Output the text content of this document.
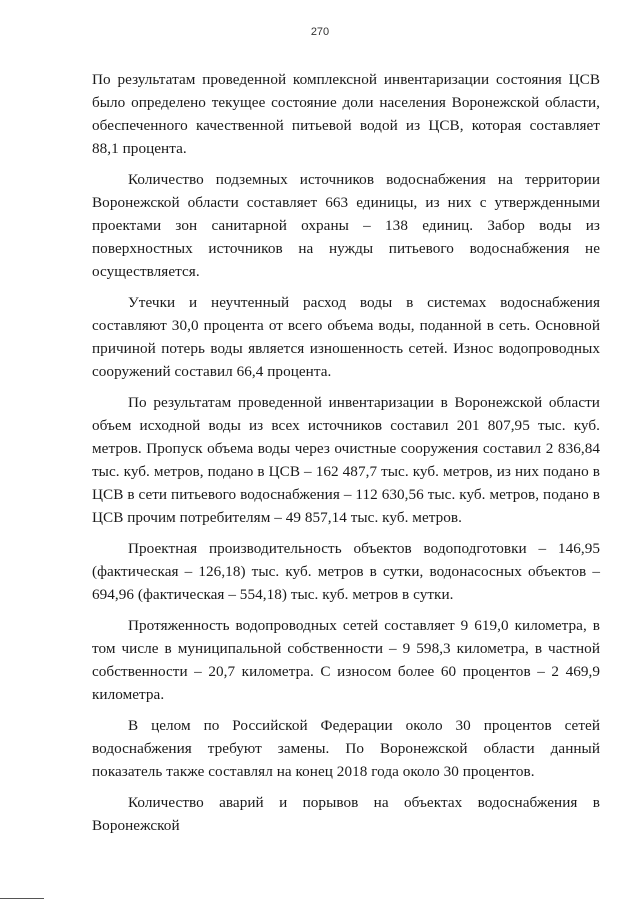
270

По результатам проведенной комплексной инвентаризации состояния ЦСВ было определено текущее состояние доли населения Воронежской области, обеспеченного качественной питьевой водой из ЦСВ, которая составляет 88,1 процента.

Количество подземных источников водоснабжения на территории Воронежской области составляет 663 единицы, из них с утвержденными проектами зон санитарной охраны – 138 единиц. Забор воды из поверхностных источников на нужды питьевого водоснабжения не осуществляется.

Утечки и неучтенный расход воды в системах водоснабжения составляют 30,0 процента от всего объема воды, поданной в сеть. Основной причиной потерь воды является изношенность сетей. Износ водопроводных сооружений составил 66,4 процента.

По результатам проведенной инвентаризации в Воронежской области объем исходной воды из всех источников составил 201 807,95 тыс. куб. метров. Пропуск объема воды через очистные сооружения составил 2 836,84 тыс. куб. метров, подано в ЦСВ – 162 487,7 тыс. куб. метров, из них подано в ЦСВ в сети питьевого водоснабжения – 112 630,56 тыс. куб. метров, подано в ЦСВ прочим потребителям – 49 857,14 тыс. куб. метров.

Проектная производительность объектов водоподготовки – 146,95 (фактическая – 126,18) тыс. куб. метров в сутки, водонасосных объектов – 694,96 (фактическая – 554,18) тыс. куб. метров в сутки.

Протяженность водопроводных сетей составляет 9 619,0 километра, в том числе в муниципальной собственности – 9 598,3 километра, в частной собственности – 20,7 километра. С износом более 60 процентов – 2 469,9 километра.

В целом по Российской Федерации около 30 процентов сетей водоснабжения требуют замены. По Воронежской области данный показатель также составлял на конец 2018 года около 30 процентов.

Количество аварий и порывов на объектах водоснабжения в Воронежской
